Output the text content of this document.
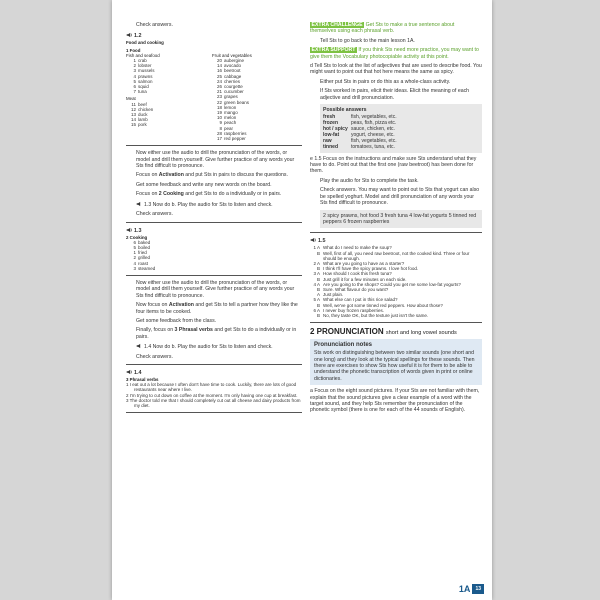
Check answers.

1.2
Food and cooking
1 Food
Fish and seafood
1 crab
2 lobster
3 mussels
4 prawns
5 salmon
6 squid
7 tuna
Meat
11 beef
12 chicken
13 duck
14 lamb
15 pork
Fruit and vegetables
20 aubergine
14 avocado
16 beetroot
25 cabbage
24 cherries
26 courgette
21 cucumber
23 grapes
22 green beans
18 lemon
19 mango
10 melon
9 peach
8 pear
28 raspberries
17 red pepper

Now either use the audio to drill the pronunciation of the words, or model and drill them yourself. Give further practice of any words your Sts find difficult to pronounce.

Focus on Activation and put Sts in pairs to discuss the questions.

Get some feedback and write any new words on the board.

Focus on 2 Cooking and get Sts to do a individually or in pairs.

1.3 Now do b. Play the audio for Sts to listen and check.

Check answers.

1.3
2 Cooking
6 baked
5 boiled
1 fried
2 grilled
4 roast
3 steamed

Now either use the audio to drill the pronunciation of the words, or model and drill them yourself. Give further practice of any words your Sts find difficult to pronounce.

Now focus on Activation and get Sts to tell a partner how they like the four items to be cooked.

Get some feedback from the class.

Finally, focus on 3 Phrasal verbs and get Sts to do a individually or in pairs.

1.4 Now do b. Play the audio for Sts to listen and check.

Check answers.

1.4
3 Phrasal verbs
1 I eat out a lot because I often don't have time to cook. Luckily, there are lots of good restaurants near where I live.
2 I'm trying to cut down on coffee at the moment. I'm only having one cup at breakfast.
3 The doctor told me that I should completely cut out all cheese and dairy products from my diet.

EXTRA CHALLENGE Get Sts to make a true sentence about themselves using each phrasal verb.

Tell Sts to go back to the main lesson 1A.

EXTRA SUPPORT If you think Sts need more practice, you may want to give them the Vocabulary photocopiable activity at this point.

d Tell Sts to look at the list of adjectives that are used to describe food. You might want to point out that hot here means the same as spicy.

Either put Sts in pairs or do this as a whole-class activity.

If Sts worked in pairs, elicit their ideas. Elicit the meaning of each adjective and drill pronunciation.

Possible answers
fresh	fish, vegetables, etc.
frozen	peas, fish, pizza etc.
hot / spicy	sauce, chicken, etc.
low-fat	yogurt, cheese, etc.
raw	fish, vegetables, etc.
tinned	tomatoes, tuna, etc.

e 1.5 Focus on the instructions and make sure Sts understand what they have to do. Point out that the first one (raw beetroot) has been done for them.

Play the audio for Sts to complete the task.

Check answers. You may want to point out to Sts that yogurt can also be spelled yoghurt. Model and drill pronunciation of any words your Sts find difficult to pronounce.

2 spicy prawns, hot food 3 fresh tuna 4 low-fat yogurts 5 tinned red peppers 6 frozen raspberries

1.5
1 A What do I need to make the soup?
B Well, first of all, you need raw beetroot, not the cooked kind. Three or four should be enough.
2 A What are you going to have as a starter?
B I think I'll have the spicy prawns. I love hot food.
3 A How should I cook this fresh tuna?
B Just grill it for a few minutes on each side.
4 A Are you going to the shops? Could you get me some low-fat yogurts?
B Sure. What flavour do you want?
A Just plain.
5 A What else can I put in this rice salad?
B Well, we've got some tinned red peppers. How about those?
6 A I never buy frozen raspberries.
B No, they taste OK, but the texture just isn't the same.
2 PRONUNCIATION short and long vowel sounds
Pronunciation notes

Sts work on distinguishing between two similar sounds (one short and one long) and they look at the typical spellings for these sounds. Then there are exercises to show Sts how useful it is for them to be able to understand the phonetic transcription of words given in print or online dictionaries.

a Focus on the eight sound pictures. If your Sts are not familiar with them, explain that the sound pictures give a clear example of a word with the target sound, and they help Sts remember the pronunciation of the phonetic symbol (there is one for each of the 44 sounds of English).

1A	13
